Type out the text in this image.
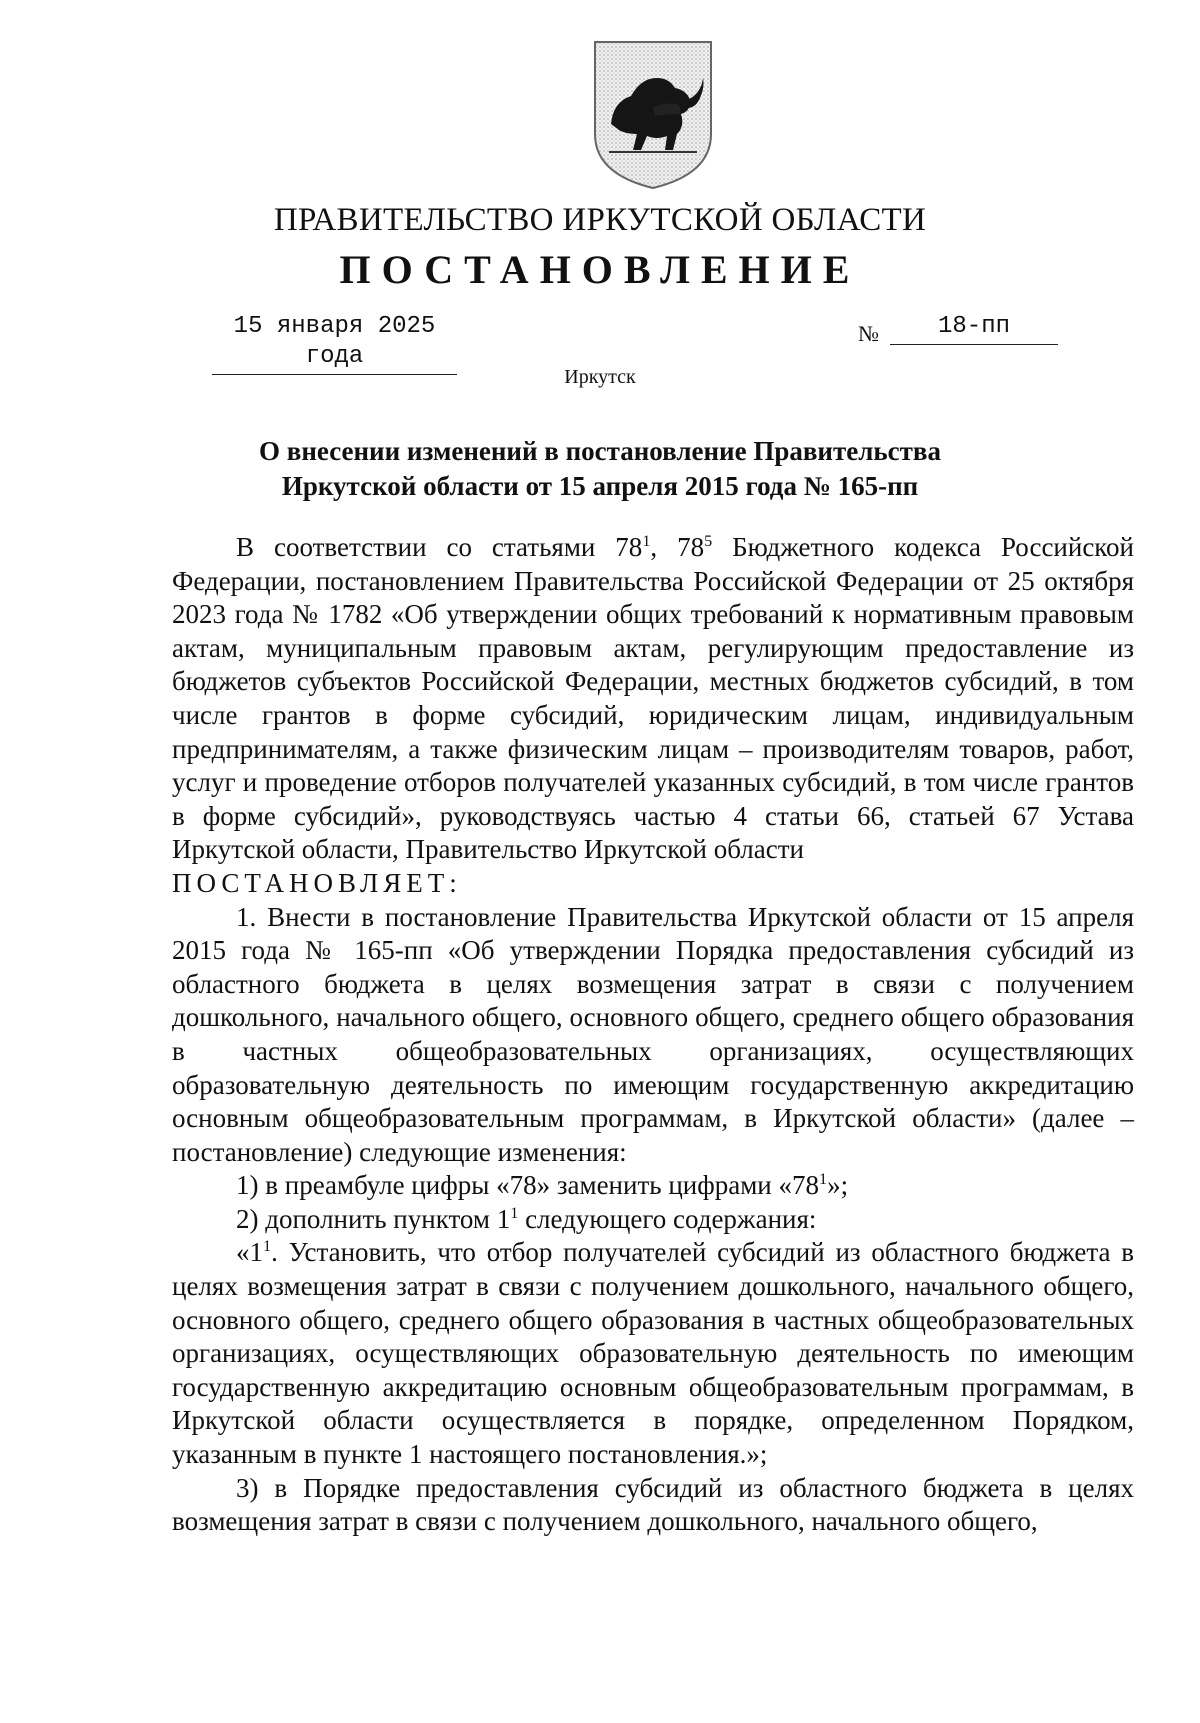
ПРАВИТЕЛЬСТВО ИРКУТСКОЙ ОБЛАСТИ
ПОСТАНОВЛЕНИЕ
15 января 2025 года
№	18-пп
Иркутск
О внесении изменений в постановление Правительства
Иркутской области от 15 апреля 2015 года № 165-пп

В соответствии со статьями $78^1$, $78^5$ Бюджетного кодекса Российской Федерации, постановлением Правительства Российской Федерации от 25 октября 2023 года № 1782 «Об утверждении общих требований к нормативным правовым актам, муниципальным правовым актам, регулирующим предоставление из бюджетов субъектов Российской Федерации, местных бюджетов субсидий, в том числе грантов в форме субсидий, юридическим лицам, индивидуальным предпринимателям, а также физическим лицам – производителям товаров, работ, услуг и проведение отборов получателей указанных субсидий, в том числе грантов в форме субсидий», руководствуясь частью 4 статьи 66, статьей 67 Устава Иркутской области, Правительство Иркутской области

ПОСТАНОВЛЯЕТ:

1. Внести в постановление Правительства Иркутской области от 15 апреля 2015 года № 165-пп «Об утверждении Порядка предоставления субсидий из областного бюджета в целях возмещения затрат в связи с получением дошкольного, начального общего, основного общего, среднего общего образования в частных общеобразовательных организациях, осуществляющих образовательную деятельность по имеющим государственную аккредитацию основным общеобразовательным программам, в Иркутской области» (далее – постановление) следующие изменения:

1) в преамбуле цифры «78» заменить цифрами «$78^1$»;

2) дополнить пунктом $1^1$ следующего содержания:

«$1^1$. Установить, что отбор получателей субсидий из областного бюджета в целях возмещения затрат в связи с получением дошкольного, начального общего, основного общего, среднего общего образования в частных общеобразовательных организациях, осуществляющих образовательную деятельность по имеющим государственную аккредитацию основным общеобразовательным программам, в Иркутской области осуществляется в порядке, определенном Порядком, указанным в пункте 1 настоящего постановления.»;

3) в Порядке предоставления субсидий из областного бюджета в целях возмещения затрат в связи с получением дошкольного, начального общего,
